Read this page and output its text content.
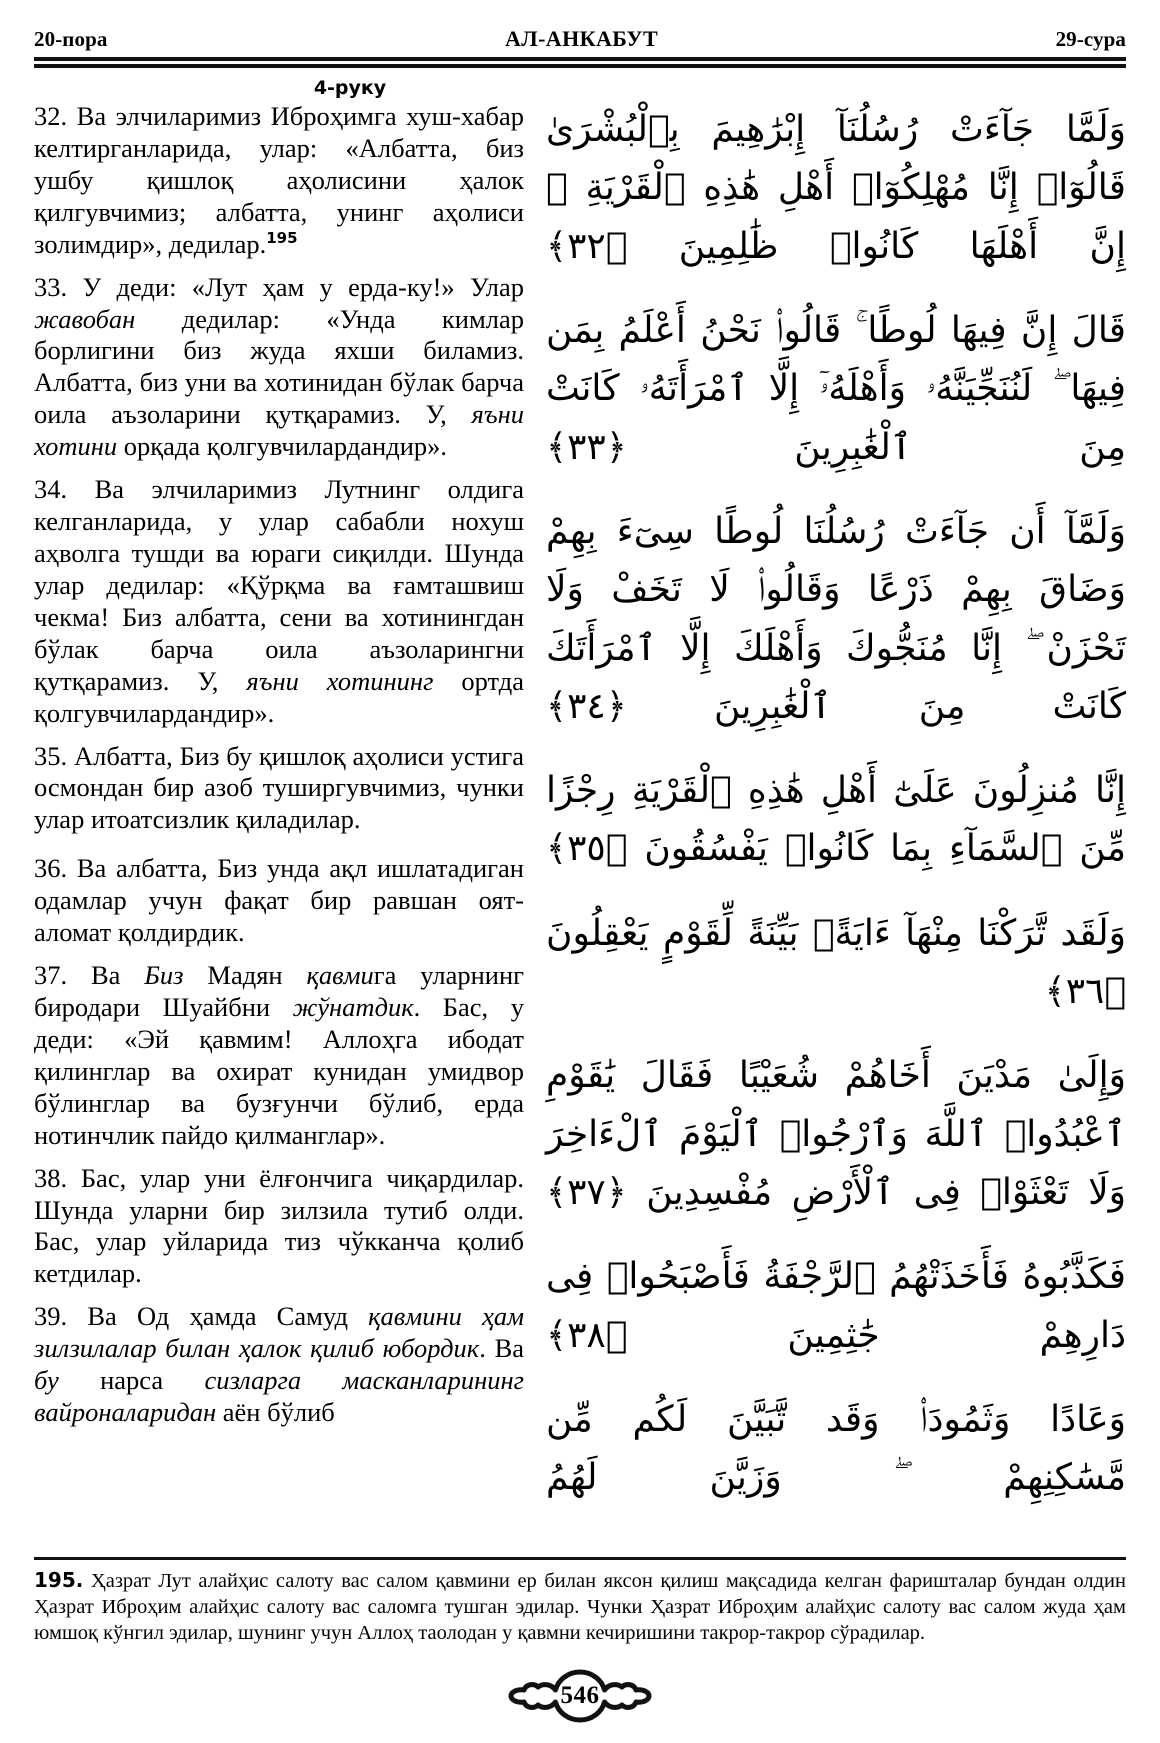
20-пора	АЛ-АНКАБУТ	29-сура
4-руку

32. Ва элчиларимиз Иброҳимга хуш-хабар келтирганларида, улар: «Албатта, биз ушбу қишлоқ аҳолисини ҳалок қилгувчимиз; албатта, унинг аҳолиси золимдир», дедилар.$^{195}$

33. У деди: «Лут ҳам у ерда-ку!» Улар жавобан дедилар: «Унда кимлар борлигини биз жуда яхши биламиз. Албатта, биз уни ва хотинидан бўлак барча оила аъзоларини қутқарамиз. У, яъни хотини орқада қолгувчилардандир».

34. Ва элчиларимиз Лутнинг олдига келганларида, у улар сабабли нохуш аҳволга тушди ва юраги сиқилди. Шунда улар дедилар: «Қўрқма ва ғамташвиш чекма! Биз албатта, сени ва хотинингдан бўлак барча оила аъзоларингни қутқарамиз. У, яъни хотининг ортда қолгувчилардандир».

35. Албатта, Биз бу қишлоқ аҳолиси устига осмондан бир азоб туширгувчимиз, чунки улар итоатсизлик қиладилар.

36. Ва албатта, Биз унда ақл ишлатадиган одамлар учун фақат бир равшан оят-аломат қолдирдик.

37. Ва Биз Мадян қавмига уларнинг биродари Шуайбни жўнатдик. Бас, у деди: «Эй қавмим! Аллоҳга ибодат қилинглар ва охират кунидан умидвор бўлинглар ва бузғунчи бўлиб, ерда нотинчлик пайдо қилманглар».

38. Бас, улар уни ёлғончига чиқардилар. Шунда уларни бир зилзила тутиб олди. Бас, улар уйларида тиз чўкканча қолиб кетдилар.

39. Ва Од ҳамда Самуд қавмини ҳам зилзилалар билан ҳалок қилиб юбордик. Ва бу нарса сизларга масканларининг вайроналаридан аён бўлиб

وَلَمَّا جَآءَتْ رُسُلُنَآ إِبْرَٰهِيمَ بِٱلْبُشْرَىٰ قَالُوٓا۟ إِنَّا مُهْلِكُوٓا۟ أَهْلِ هَٰذِهِ ٱلْقَرْيَةِ ۖ إِنَّ أَهْلَهَا كَانُوا۟ ظَٰلِمِينَ ﴿٣٢﴾

قَالَ إِنَّ فِيهَا لُوطًا ۚ قَالُوا۟ نَحْنُ أَعْلَمُ بِمَن فِيهَا ۖ لَنُنَجِّيَنَّهُۥ وَأَهْلَهُۥٓ إِلَّا ٱمْرَأَتَهُۥ كَانَتْ مِنَ ٱلْغَٰبِرِينَ ﴿٣٣﴾

وَلَمَّآ أَن جَآءَتْ رُسُلُنَا لُوطًا سِىٓءَ بِهِمْ وَضَاقَ بِهِمْ ذَرْعًا وَقَالُوا۟ لَا تَخَفْ وَلَا تَحْزَنْ ۖ إِنَّا مُنَجُّوكَ وَأَهْلَكَ إِلَّا ٱمْرَأَتَكَ كَانَتْ مِنَ ٱلْغَٰبِرِينَ ﴿٣٤﴾

إِنَّا مُنزِلُونَ عَلَىٰٓ أَهْلِ هَٰذِهِ ٱلْقَرْيَةِ رِجْزًا مِّنَ ٱلسَّمَآءِ بِمَا كَانُوا۟ يَفْسُقُونَ ﴿٣٥﴾

وَلَقَد تَّرَكْنَا مِنْهَآ ءَايَةًۢ بَيِّنَةً لِّقَوْمٍ يَعْقِلُونَ ﴿٣٦﴾

وَإِلَىٰ مَدْيَنَ أَخَاهُمْ شُعَيْبًا فَقَالَ يَٰقَوْمِ ٱعْبُدُوا۟ ٱللَّهَ وَٱرْجُوا۟ ٱلْيَوْمَ ٱلْءَاخِرَ وَلَا تَعْثَوْا۟ فِى ٱلْأَرْضِ مُفْسِدِينَ ﴿٣٧﴾

فَكَذَّبُوهُ فَأَخَذَتْهُمُ ٱلرَّجْفَةُ فَأَصْبَحُوا۟ فِى دَارِهِمْ جَٰثِمِينَ ﴿٣٨﴾

وَعَادًا وَثَمُودَا۟ وَقَد تَّبَيَّنَ لَكُم مِّن مَّسَٰكِنِهِمْ ۖ وَزَيَّنَ لَهُمُ

195. Ҳазрат Лут алайҳис салоту вас салом қавмини ер билан яксон қилиш мақсадида келган фаришталар бундан олдин Ҳазрат Иброҳим алайҳис салоту вас саломга тушган эдилар. Чунки Ҳазрат Иброҳим алайҳис салоту вас салом жуда ҳам юмшоқ кўнгил эдилар, шунинг учун Аллоҳ таолодан у қавмни кечиришини такрор-такрор сўрадилар.

546
